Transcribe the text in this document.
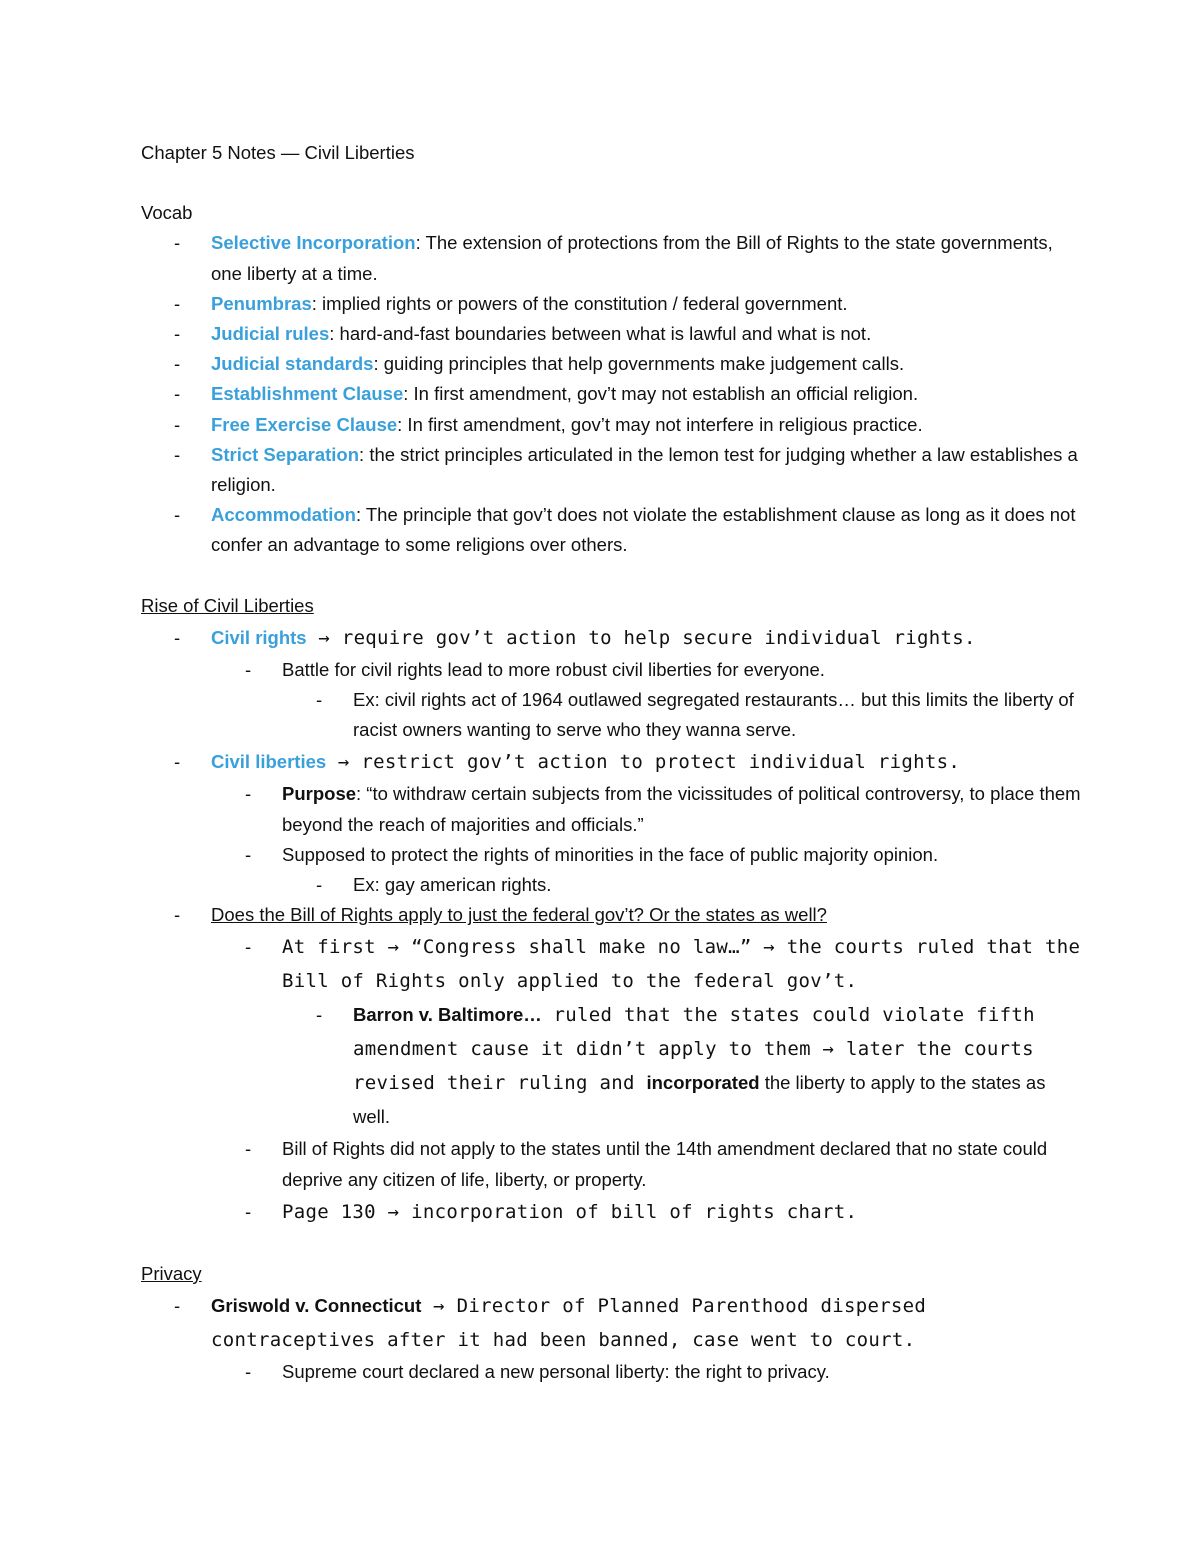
Chapter 5 Notes — Civil Liberties

Vocab

-	Selective Incorporation: The extension of protections from the Bill of Rights to the state governments, one liberty at a time.
-	Penumbras: implied rights or powers of the constitution / federal government.
-	Judicial rules: hard-and-fast boundaries between what is lawful and what is not.
-	Judicial standards: guiding principles that help governments make judgement calls.
-	Establishment Clause: In first amendment, gov’t may not establish an official religion.
-	Free Exercise Clause: In first amendment, gov’t may not interfere in religious practice.
-	Strict Separation: the strict principles articulated in the lemon test for judging whether a law establishes a religion.
-	Accommodation: The principle that gov’t does not violate the establishment clause as long as it does not confer an advantage to some religions over others.

Rise of Civil Liberties

-	Civil rights → require gov’t action to help secure individual rights.
-	Battle for civil rights lead to more robust civil liberties for everyone.
-	Ex: civil rights act of 1964 outlawed segregated restaurants… but this limits the liberty of racist owners wanting to serve who they wanna serve.
-	Civil liberties → restrict gov’t action to protect individual rights.
-	Purpose: “to withdraw certain subjects from the vicissitudes of political controversy, to place them beyond the reach of majorities and officials.”
-	Supposed to protect the rights of minorities in the face of public majority opinion.
-	Ex: gay american rights.
-	Does the Bill of Rights apply to just the federal gov’t? Or the states as well?
-	At first → “Congress shall make no law…” → the courts ruled that the Bill of Rights only applied to the federal gov’t.
-	Barron v. Baltimore… ruled that the states could violate fifth amendment cause it didn’t apply to them → later the courts revised their ruling and incorporated the liberty to apply to the states as well.
-	Bill of Rights did not apply to the states until the 14th amendment declared that no state could deprive any citizen of life, liberty, or property.
-	Page 130 → incorporation of bill of rights chart.

Privacy

-	Griswold v. Connecticut → Director of Planned Parenthood dispersed contraceptives after it had been banned, case went to court.
-	Supreme court declared a new personal liberty: the right to privacy.
